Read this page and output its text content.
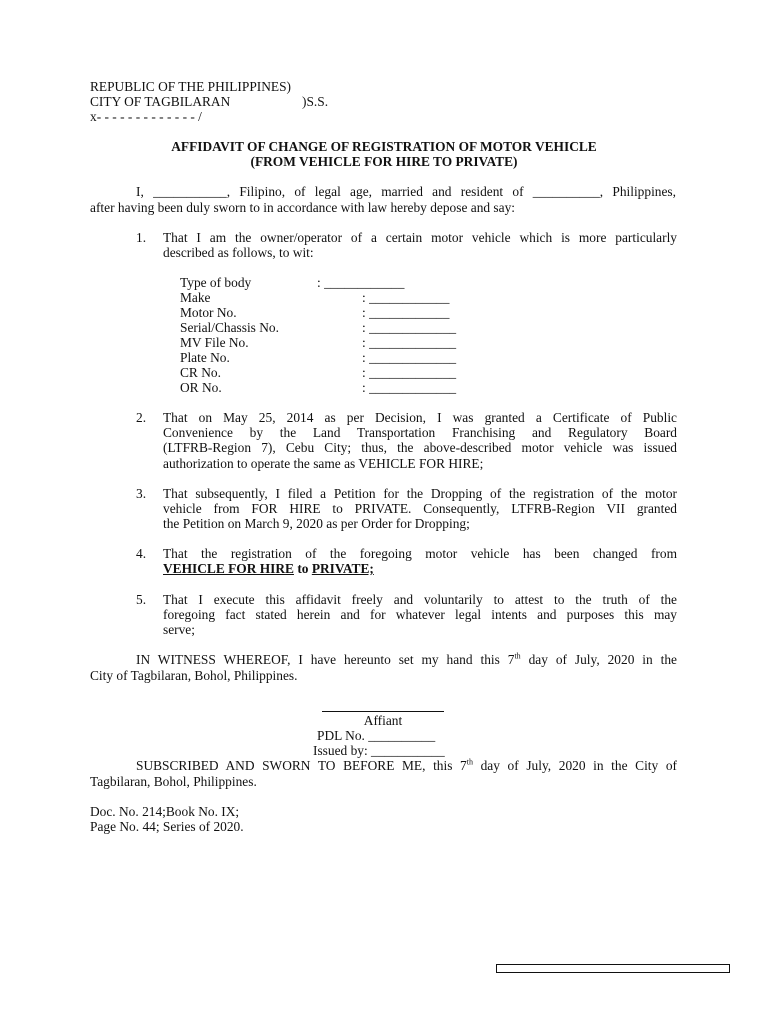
REPUBLIC OF THE PHILIPPINES)
CITY OF TAGBILARAN	)S.S.
x- - - - - - - - - - - - - /
AFFIDAVIT OF CHANGE OF REGISTRATION OF MOTOR VEHICLE
(FROM VEHICLE FOR HIRE TO PRIVATE)
I, ___________, Filipino, of legal age, married and resident of __________, Philippines,
after having been duly sworn to in accordance with law hereby depose and say:
1. That I am the owner/operator of a certain motor vehicle which is more particularly
described as follows, to wit:
Type of body	: ____________
Make	: ____________
Motor No.	: ____________
Serial/Chassis No.	: _____________
MV File No.	: _____________
Plate No.	: _____________
CR No.	: _____________
OR No.	: _____________
2. That on May 25, 2014 as per Decision, I was granted a Certificate of Public
Convenience by the Land Transportation Franchising and Regulatory Board
(LTFRB-Region 7), Cebu City; thus, the above-described motor vehicle was issued
authorization to operate the same as VEHICLE FOR HIRE;
3. That subsequently, I filed a Petition for the Dropping of the registration of the motor
vehicle from FOR HIRE to PRIVATE. Consequently, LTFRB-Region VII granted
the Petition on March 9, 2020 as per Order for Dropping;
4. That the registration of the foregoing motor vehicle has been changed from
VEHICLE FOR HIRE to PRIVATE;
5. That I execute this affidavit freely and voluntarily to attest to the truth of the
foregoing fact stated herein and for whatever legal intents and purposes this may
serve;
IN WITNESS WHEREOF, I have hereunto set my hand this 7th day of July, 2020 in the
City of Tagbilaran, Bohol, Philippines.
Affiant
PDL No. __________
Issued by: ___________
SUBSCRIBED AND SWORN TO BEFORE ME, this 7th day of July, 2020 in the City of
Tagbilaran, Bohol, Philippines.
Doc. No. 214;Book No. IX;
Page No. 44; Series of 2020.
